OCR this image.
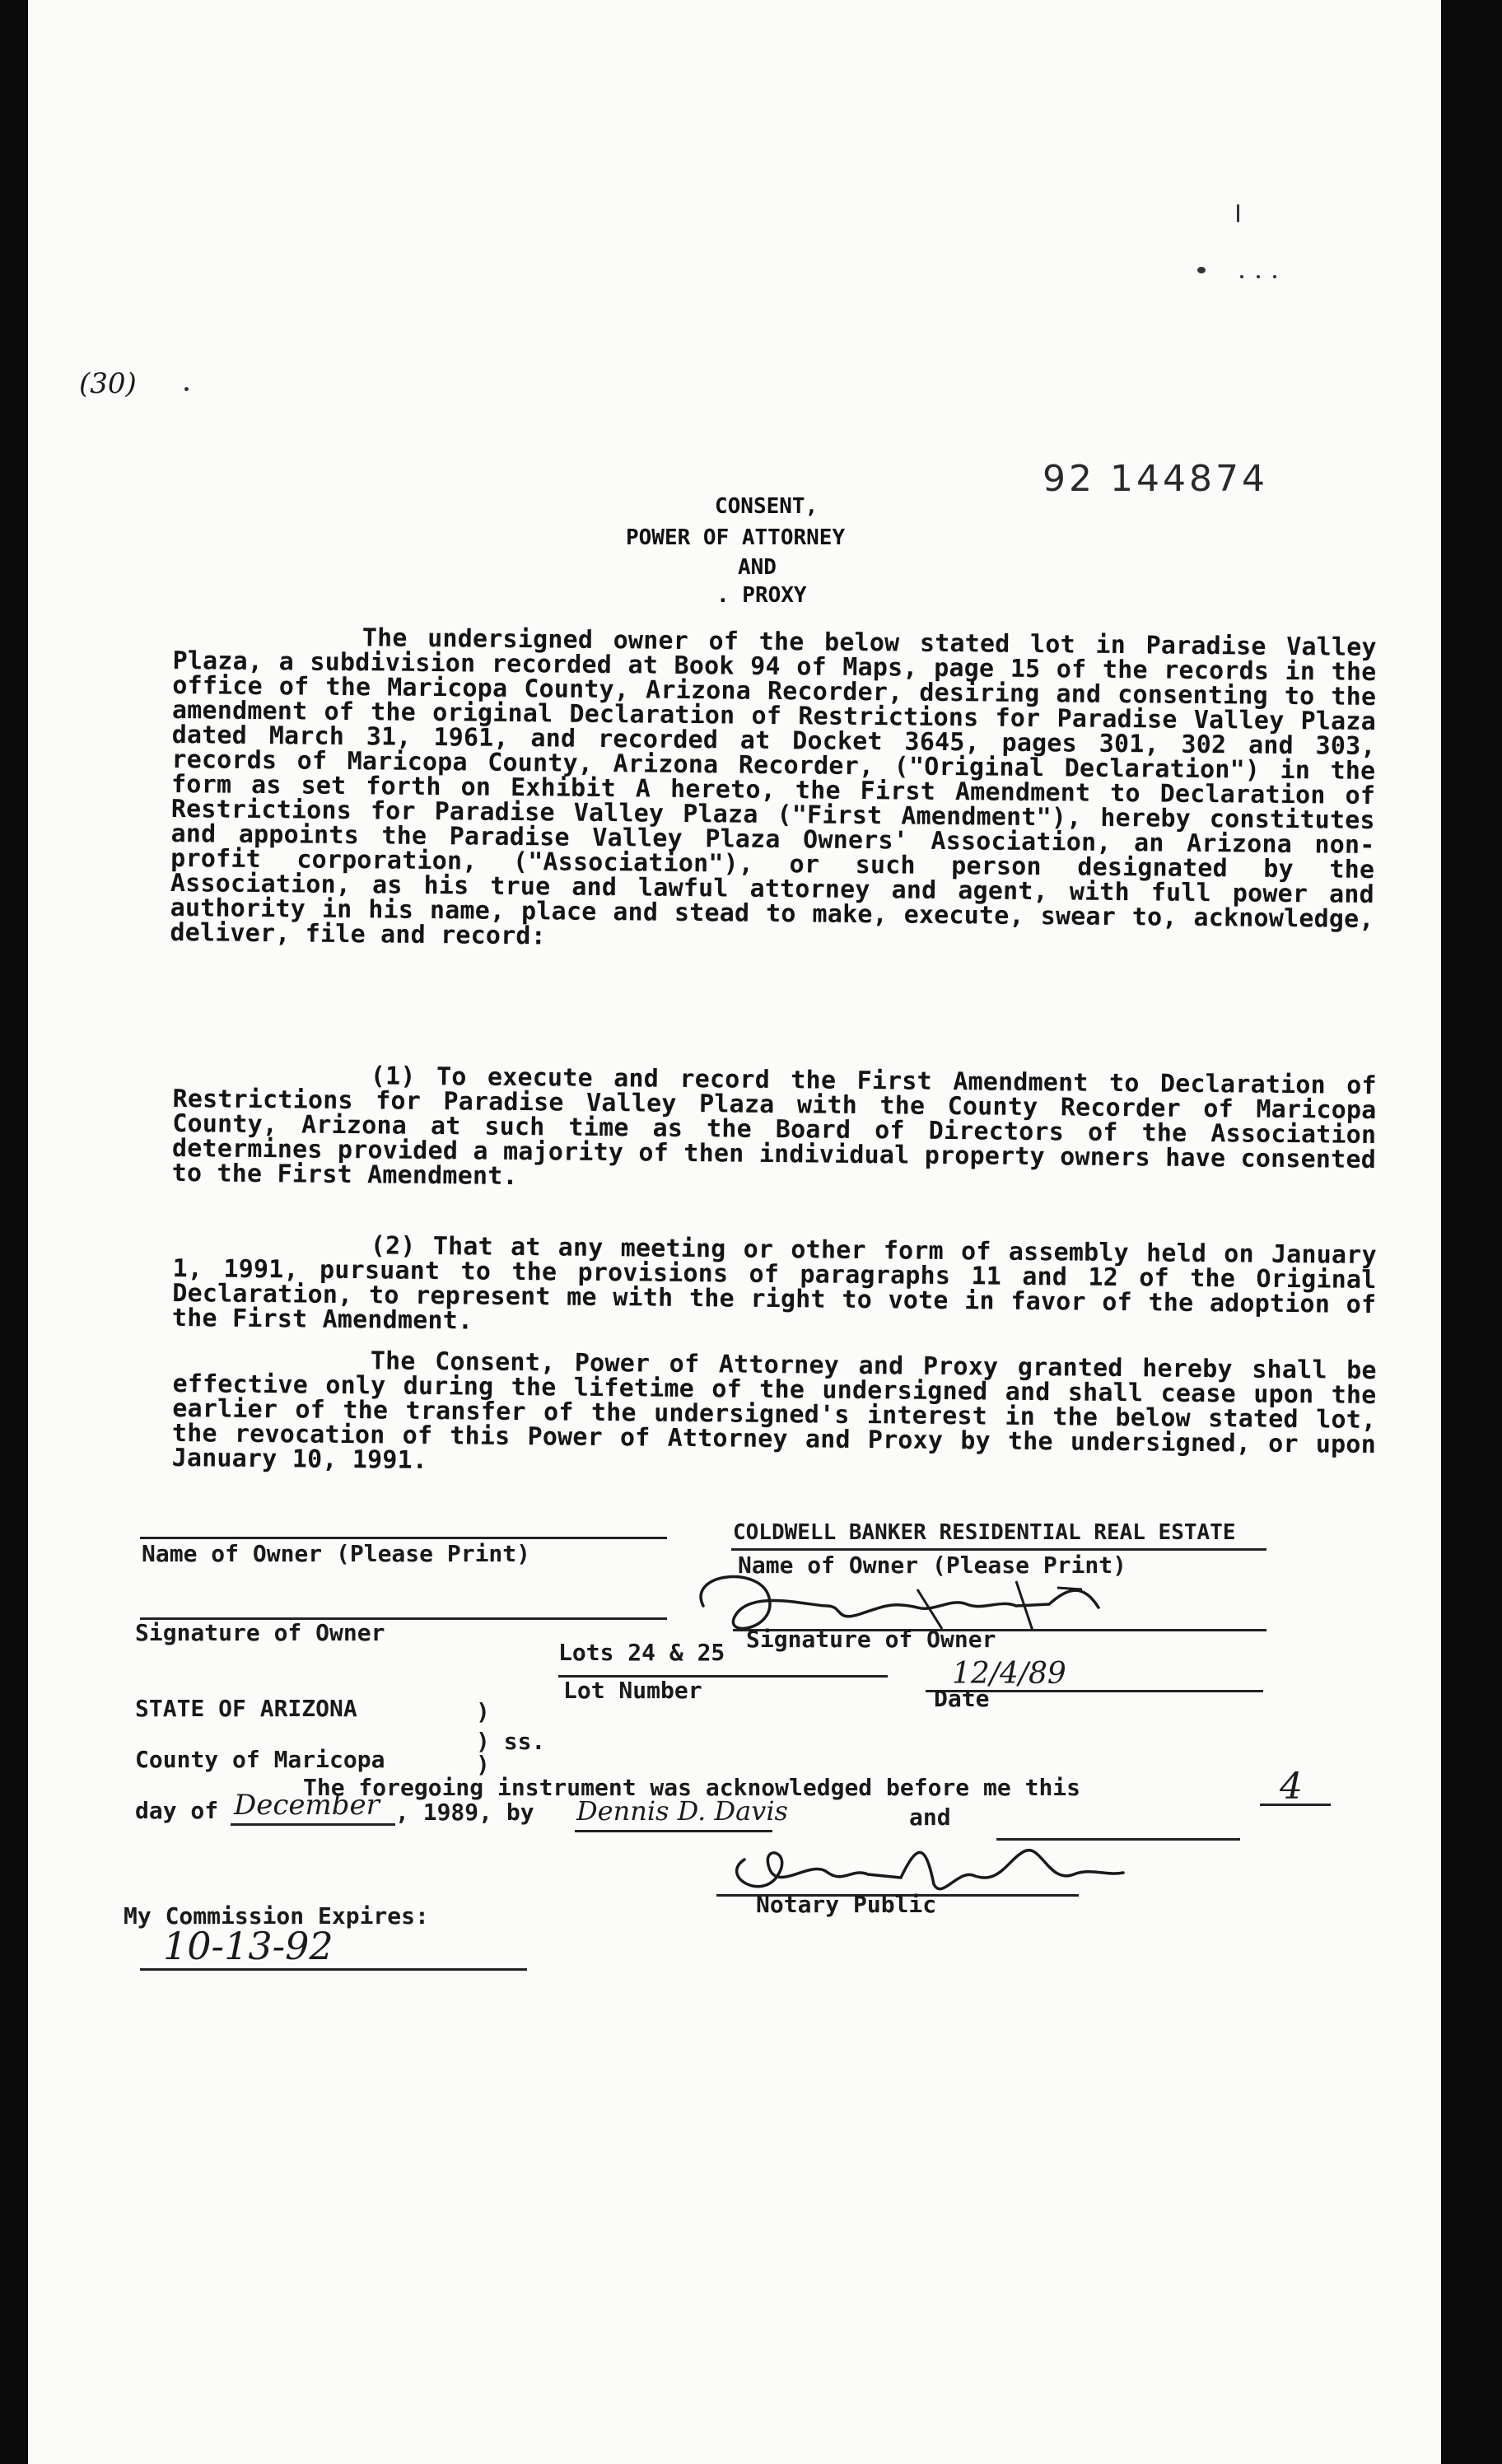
(30)
92 144874
CONSENT,
POWER OF ATTORNEY
AND
. PROXY

The undersigned owner of the below stated lot in Paradise Valley Plaza, a subdivision recorded at Book 94 of Maps, page 15 of the records in the office of the Maricopa County, Arizona Recorder, desiring and consenting to the amendment of the original Declaration of Restrictions for Paradise Valley Plaza dated March 31, 1961, and recorded at Docket 3645, pages 301, 302 and 303, records of Maricopa County, Arizona Recorder, ("Original Declaration") in the form as set forth on Exhibit A hereto, the First Amendment to Declaration of Restrictions for Paradise Valley Plaza ("First Amendment"), hereby constitutes and appoints the Paradise Valley Plaza Owners' Association, an Arizona non-profit corporation, ("Association"), or such person designated by the Association, as his true and lawful attorney and agent, with full power and authority in his name, place and stead to make, execute, swear to, acknowledge, deliver, file and record:

(1) To execute and record the First Amendment to Declaration of Restrictions for Paradise Valley Plaza with the County Recorder of Maricopa County, Arizona at such time as the Board of Directors of the Association determines provided a majority of then individual property owners have consented to the First Amendment.

(2) That at any meeting or other form of assembly held on January 1, 1991, pursuant to the provisions of paragraphs 11 and 12 of the Original Declaration, to represent me with the right to vote in favor of the adoption of the First Amendment.

The Consent, Power of Attorney and Proxy granted hereby shall be effective only during the lifetime of the undersigned and shall cease upon the earlier of the transfer of the undersigned's interest in the below stated lot, the revocation of this Power of Attorney and Proxy by the undersigned, or upon January 10, 1991.

Name of Owner (Please Print)
Signature of Owner
COLDWELL BANKER RESIDENTIAL REAL ESTATE
Name of Owner (Please Print)
Signature of Owner
Lots 24 & 25
Lot Number	12/4/89
Date
STATE OF ARIZONA	)
) ss.
County of Maricopa	)
The foregoing instrument was acknowledged before me this	4
day of December , 1989, by Dennis D. Davis	and
Notary Public
My Commission Expires:
10-13-92
